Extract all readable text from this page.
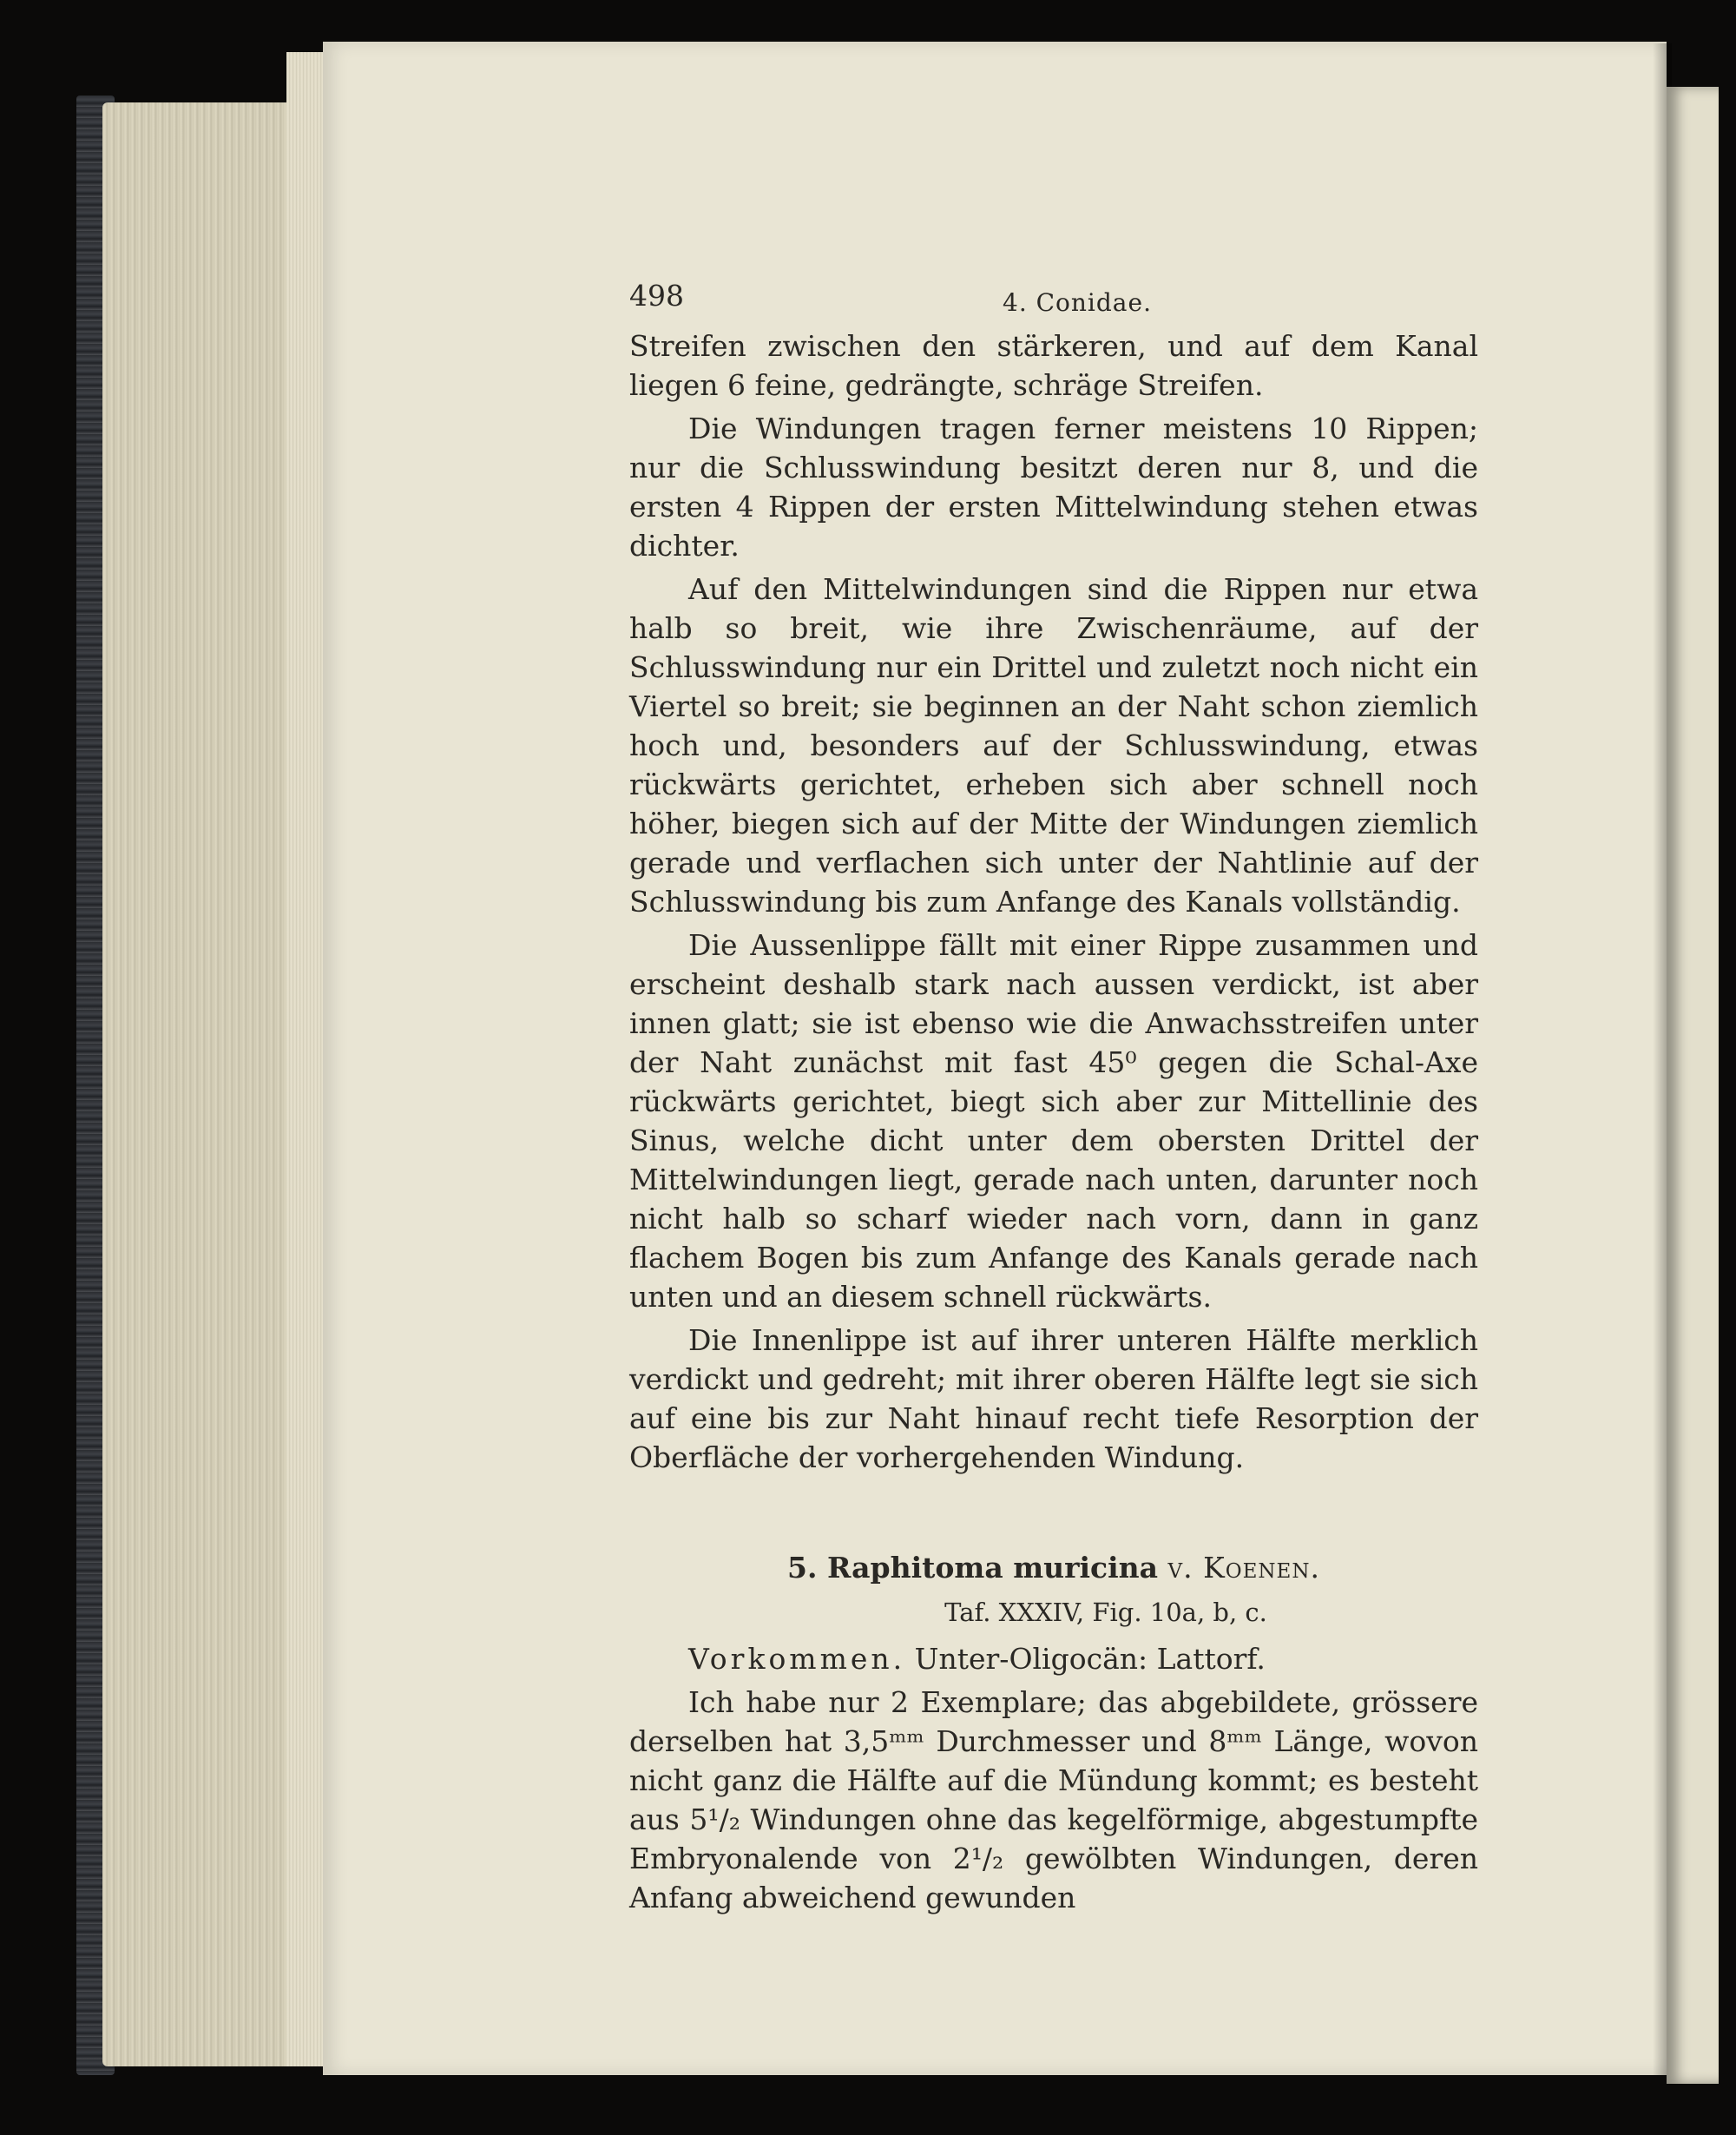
498	4. Conidae.

Streifen zwischen den stärkeren, und auf dem Kanal liegen 6 feine, gedrängte, schräge Streifen.

Die Windungen tragen ferner meistens 10 Rippen; nur die Schlusswindung besitzt deren nur 8, und die ersten 4 Rippen der ersten Mittelwindung stehen etwas dichter.

Auf den Mittelwindungen sind die Rippen nur etwa halb so breit, wie ihre Zwischenräume, auf der Schlusswindung nur ein Drittel und zuletzt noch nicht ein Viertel so breit; sie beginnen an der Naht schon ziemlich hoch und, besonders auf der Schlusswindung, etwas rückwärts gerichtet, erheben sich aber schnell noch höher, biegen sich auf der Mitte der Windungen ziemlich gerade und verflachen sich unter der Nahtlinie auf der Schlusswindung bis zum Anfange des Kanals vollständig.

Die Aussenlippe fällt mit einer Rippe zusammen und erscheint deshalb stark nach aussen verdickt, ist aber innen glatt; sie ist ebenso wie die Anwachsstreifen unter der Naht zunächst mit fast 45⁰ gegen die Schal-Axe rückwärts gerichtet, biegt sich aber zur Mittellinie des Sinus, welche dicht unter dem obersten Drittel der Mittelwindungen liegt, gerade nach unten, darunter noch nicht halb so scharf wieder nach vorn, dann in ganz flachem Bogen bis zum Anfange des Kanals gerade nach unten und an diesem schnell rückwärts.

Die Innenlippe ist auf ihrer unteren Hälfte merklich verdickt und gedreht; mit ihrer oberen Hälfte legt sie sich auf eine bis zur Naht hinauf recht tiefe Resorption der Oberfläche der vorhergehenden Windung.

5. Raphitoma muricina v. Koenen.
Taf. XXXIV, Fig. 10a, b, c.

Vorkommen. Unter-Oligocän: Lattorf.

Ich habe nur 2 Exemplare; das abgebildete, grössere derselben hat 3,5ᵐᵐ Durchmesser und 8ᵐᵐ Länge, wovon nicht ganz die Hälfte auf die Mündung kommt; es besteht aus 5¹/₂ Windungen ohne das kegelförmige, abgestumpfte Embryonalende von 2¹/₂ gewölbten Windungen, deren Anfang abweichend gewunden
